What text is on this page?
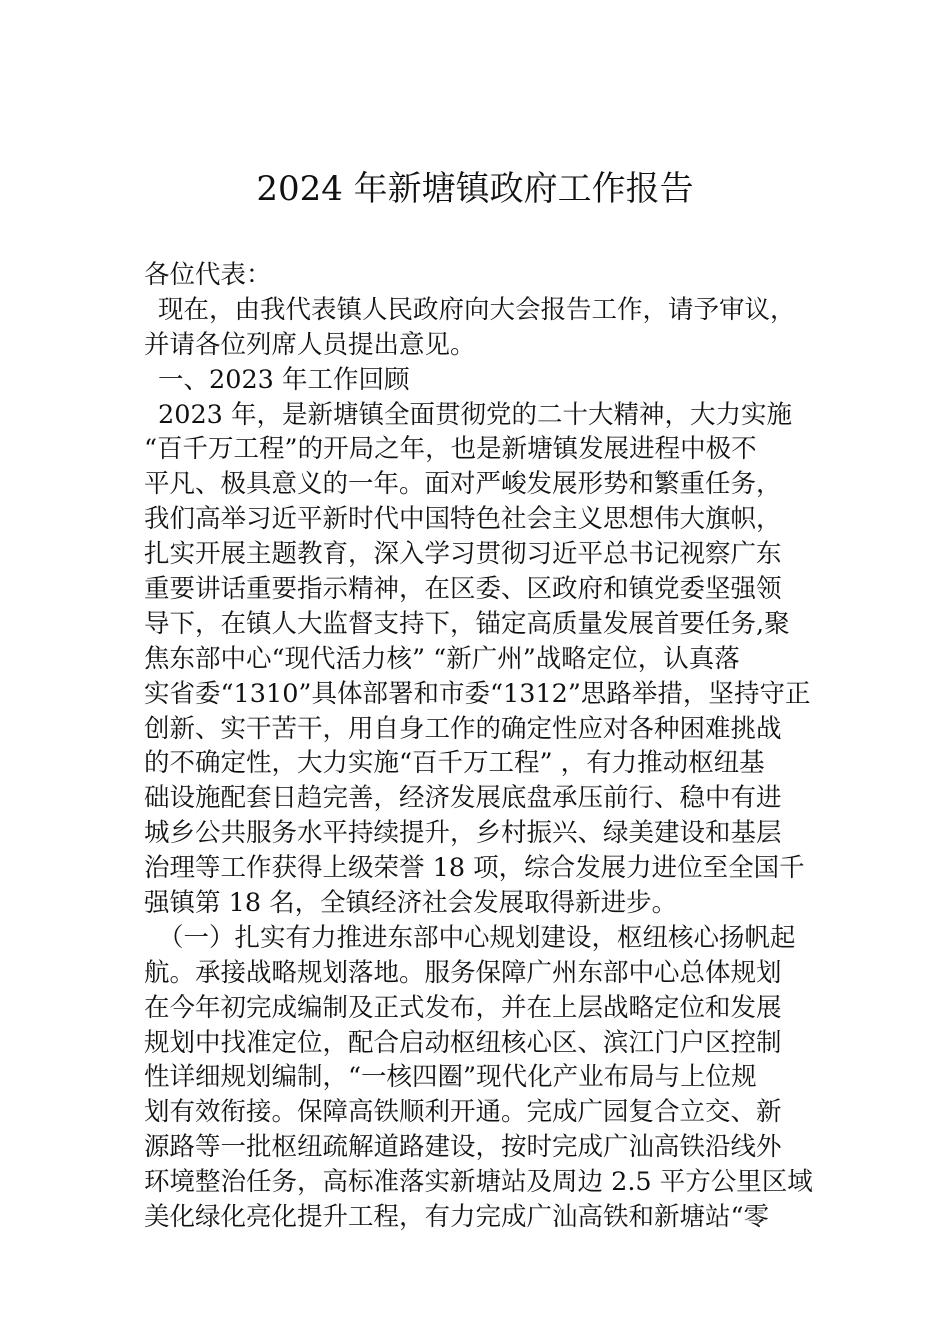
2024 年新塘镇政府工作报告
各位代表：
现在，由我代表镇人民政府向大会报告工作，请予审议，
并请各位列席人员提出意见。
一、2023 年工作回顾
2023 年，是新塘镇全面贯彻党的二十大精神，大力实施
“百千万工程”的开局之年，也是新塘镇发展进程中极不
平凡、极具意义的一年。面对严峻发展形势和繁重任务，
我们高举习近平新时代中国特色社会主义思想伟大旗帜，
扎实开展主题教育，深入学习贯彻习近平总书记视察广东
重要讲话重要指示精神，在区委、区政府和镇党委坚强领
导下，在镇人大监督支持下，锚定高质量发展首要任务,聚
焦东部中心“现代活力核” “新广州”战略定位，认真落
实省委“1310”具体部署和市委“1312”思路举措，坚持守正
创新、实干苦干，用自身工作的确定性应对各种困难挑战
的不确定性，大力实施“百千万工程” ，有力推动枢纽基
础设施配套日趋完善，经济发展底盘承压前行、稳中有进
城乡公共服务水平持续提升，乡村振兴、绿美建设和基层
治理等工作获得上级荣誉 18 项，综合发展力进位至全国千
强镇第 18 名，全镇经济社会发展取得新进步。
（一）扎实有力推进东部中心规划建设，枢纽核心扬帆起
航。承接战略规划落地。服务保障广州东部中心总体规划
在今年初完成编制及正式发布，并在上层战略定位和发展
规划中找准定位，配合启动枢纽核心区、滨江门户区控制
性详细规划编制，“一核四圈”现代化产业布局与上位规
划有效衔接。保障高铁顺利开通。完成广园复合立交、新
源路等一批枢纽疏解道路建设，按时完成广汕高铁沿线外
环境整治任务，高标准落实新塘站及周边 2.5 平方公里区域
美化绿化亮化提升工程，有力完成广汕高铁和新塘站“零
